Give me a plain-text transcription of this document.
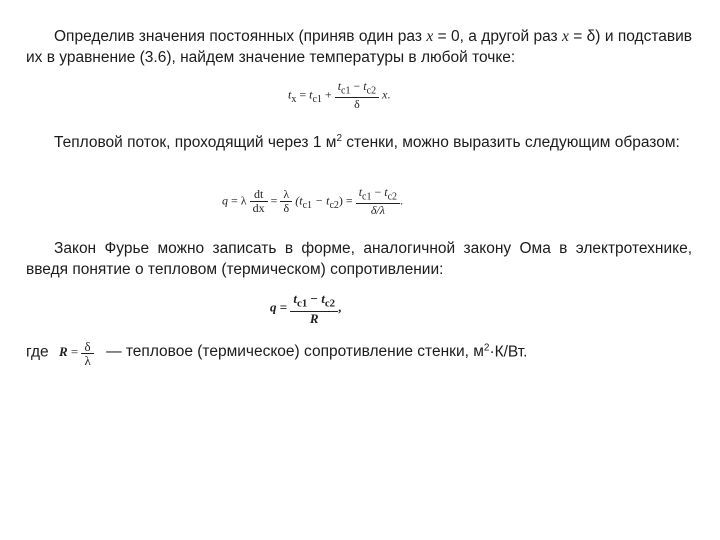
Определив значения постоянных (приняв один раз x = 0, а другой раз x = δ) и подставив их в уравнение (3.6), найдем значение температуры в любой точке:
$t_x = t_{c1} + \frac{t_{c1} - t_{c2}}{\delta} x$.
Тепловой поток, проходящий через 1 $м^2$ стенки, можно выразить следующим образом:
q = λ $\frac{dt}{dx} = \frac{\lambda}{\delta} (t_{c1} - t_{c2}) = \frac{t_{c1} - t_{c2}}{\delta/\lambda}$ .
Закон Фурье можно записать в форме, аналогичной закону Ома в электротехнике, введя понятие о тепловом (термическом) сопротивлении:
$q = \frac{t_{c1} - t_{c2}}{R}$ ,
где $R = \frac{\delta}{\lambda}$ — тепловое (термическое) сопротивление стенки, $м^2\cdot К/Вт$.
